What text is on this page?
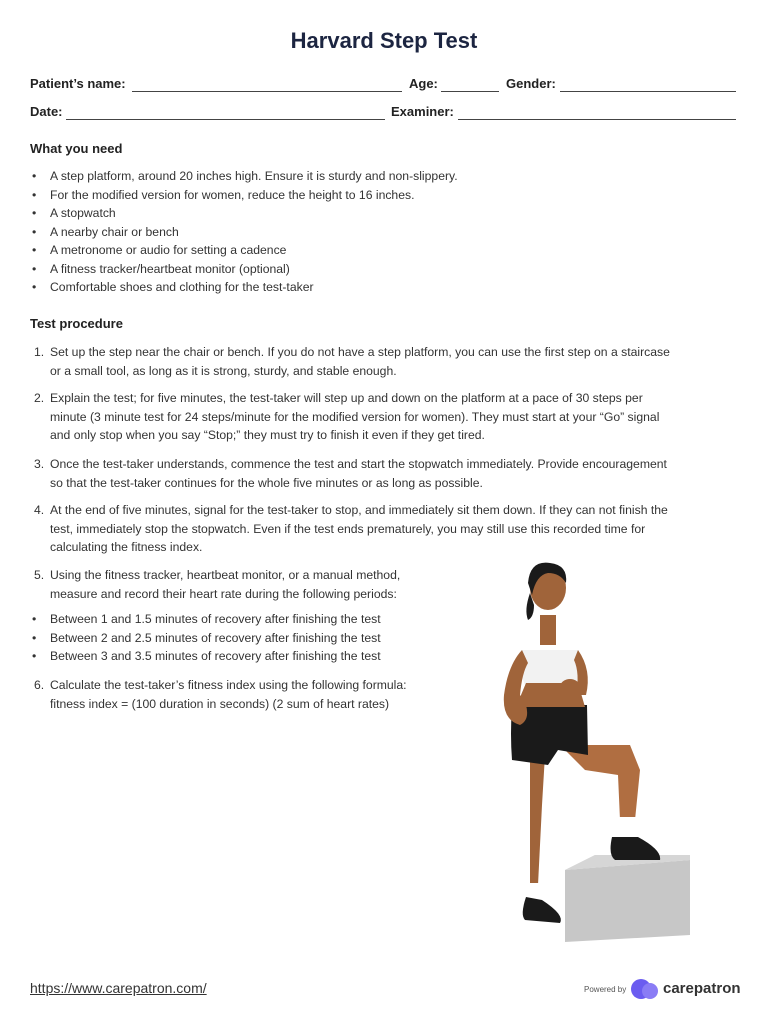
Harvard Step Test
Patient’s name:	Age:	Gender:
Date:	Examiner:
What you need
• A step platform, around 20 inches high. Ensure it is sturdy and non-slippery.
• For the modified version for women, reduce the height to 16 inches.
• A stopwatch
• A nearby chair or bench
• A metronome or audio for setting a cadence
• A fitness tracker/heartbeat monitor (optional)
• Comfortable shoes and clothing for the test-taker
Test procedure
1. Set up the step near the chair or bench. If you do not have a step platform, you can use the first step on a staircase
or a small tool, as long as it is strong, sturdy, and stable enough.
2. Explain the test; for five minutes, the test-taker will step up and down on the platform at a pace of 30 steps per
minute (3 minute test for 24 steps/minute for the modified version for women). They must start at your “Go” signal
and only stop when you say “Stop;” they must try to finish it even if they get tired.
3. Once the test-taker understands, commence the test and start the stopwatch immediately. Provide encouragement
so that the test-taker continues for the whole five minutes or as long as possible.
4. At the end of five minutes, signal for the test-taker to stop, and immediately sit them down. If they can not finish the
test, immediately stop the stopwatch. Even if the test ends prematurely, you may still use this recorded time for
calculating the fitness index.
5. Using the fitness tracker, heartbeat monitor, or a manual method,
measure and record their heart rate during the following periods:
• Between 1 and 1.5 minutes of recovery after finishing the test
• Between 2 and 2.5 minutes of recovery after finishing the test
• Between 3 and 3.5 minutes of recovery after finishing the test
6. Calculate the test-taker’s fitness index using the following formula:
fitness index = (100 duration in seconds) (2 sum of heart rates)
https://www.carepatron.com/	Powered by carepatron
